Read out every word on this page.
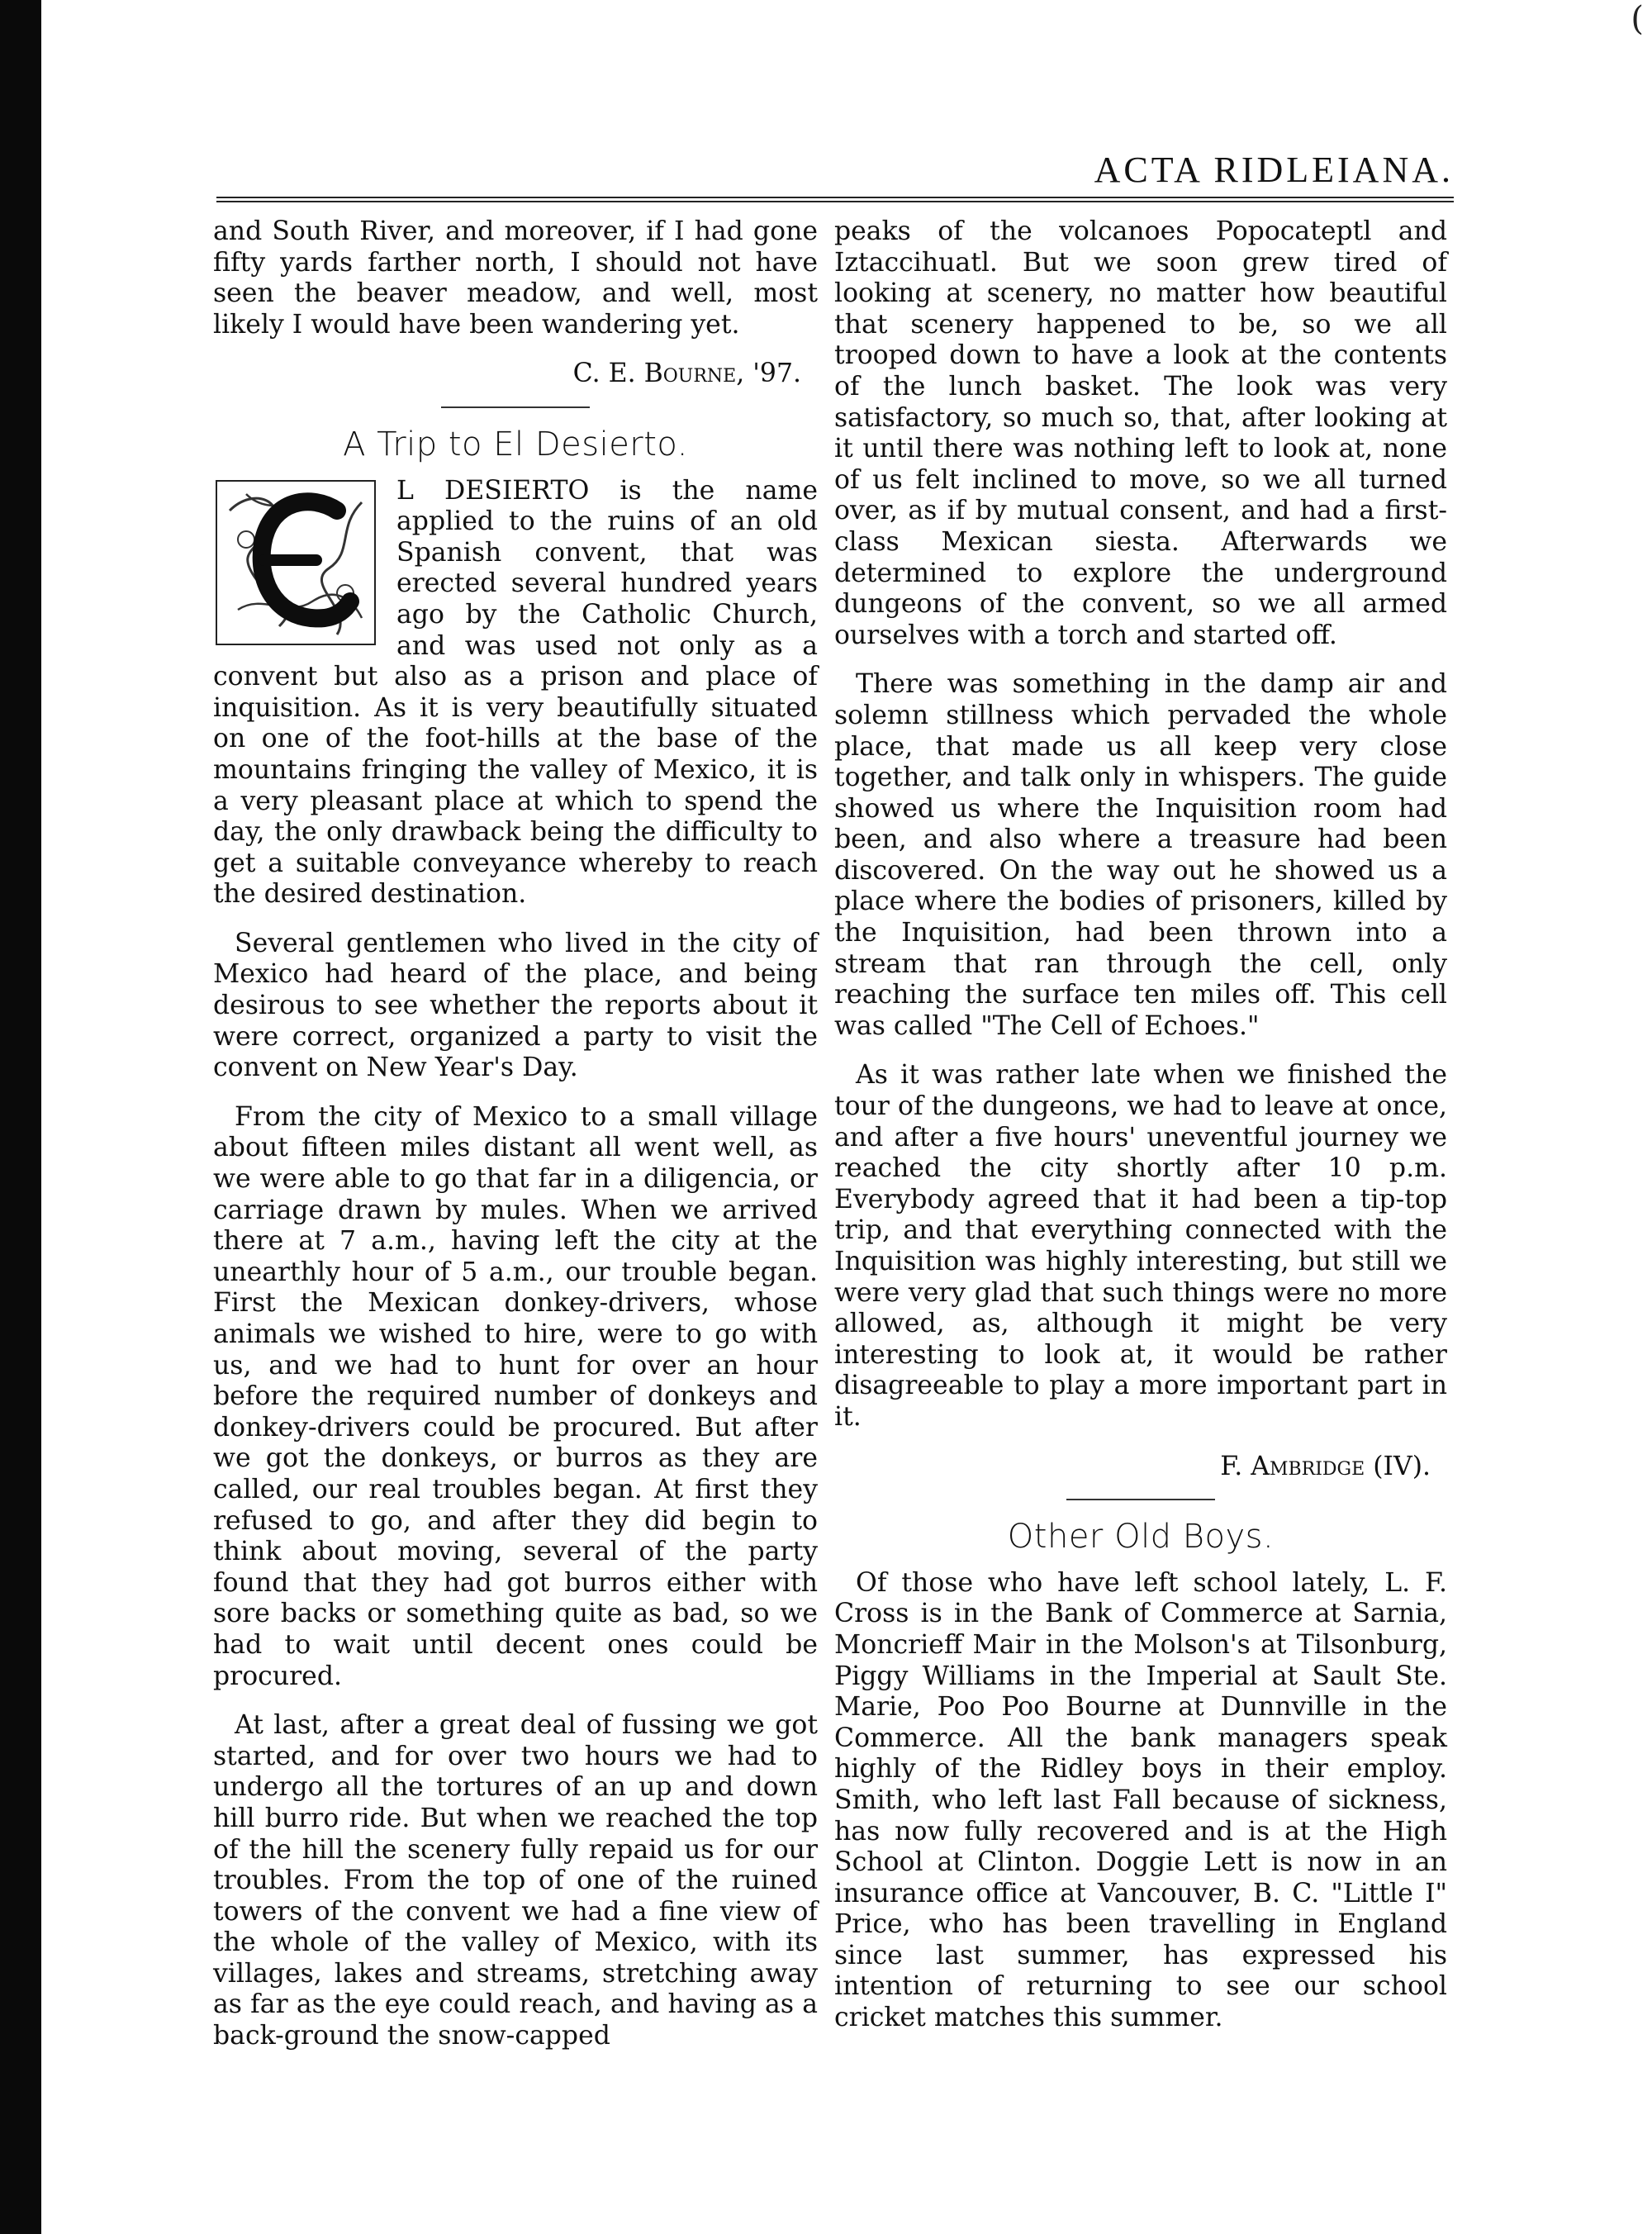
(
ACTA RIDLEIANA.

and South River, and moreover, if I had gone fifty yards farther north, I should not have seen the beaver meadow, and well, most likely I would have been wandering yet.

C. E. Bourne, '97.
A Trip to El Desierto.
E

L DESIERTO is the name applied to the ruins of an old Spanish convent, that was erected several hundred years ago by the Catholic Church, and was used not only as a convent but also as a prison and place of inquisition. As it is very beautifully situated on one of the foot-hills at the base of the mountains fringing the valley of Mexico, it is a very pleasant place at which to spend the day, the only drawback being the difficulty to get a suitable conveyance whereby to reach the desired destination.

Several gentlemen who lived in the city of Mexico had heard of the place, and being desirous to see whether the reports about it were correct, organized a party to visit the convent on New Year's Day.

From the city of Mexico to a small village about fifteen miles distant all went well, as we were able to go that far in a diligencia, or carriage drawn by mules. When we arrived there at 7 a.m., having left the city at the unearthly hour of 5 a.m., our trouble began. First the Mexican donkey-drivers, whose animals we wished to hire, were to go with us, and we had to hunt for over an hour before the required number of donkeys and donkey-drivers could be procured. But after we got the donkeys, or burros as they are called, our real troubles began. At first they refused to go, and after they did begin to think about moving, several of the party found that they had got burros either with sore backs or something quite as bad, so we had to wait until decent ones could be procured.

At last, after a great deal of fussing we got started, and for over two hours we had to undergo all the tortures of an up and down hill burro ride. But when we reached the top of the hill the scenery fully repaid us for our troubles. From the top of one of the ruined towers of the convent we had a fine view of the whole of the valley of Mexico, with its villages, lakes and streams, stretching away as far as the eye could reach, and having as a back-ground the snow-capped

peaks of the volcanoes Popocateptl and Iztaccihuatl. But we soon grew tired of looking at scenery, no matter how beautiful that scenery happened to be, so we all trooped down to have a look at the contents of the lunch basket. The look was very satisfactory, so much so, that, after looking at it until there was nothing left to look at, none of us felt inclined to move, so we all turned over, as if by mutual consent, and had a first-class Mexican siesta. Afterwards we determined to explore the underground dungeons of the convent, so we all armed ourselves with a torch and started off.

There was something in the damp air and solemn stillness which pervaded the whole place, that made us all keep very close together, and talk only in whispers. The guide showed us where the Inquisition room had been, and also where a treasure had been discovered. On the way out he showed us a place where the bodies of prisoners, killed by the Inquisition, had been thrown into a stream that ran through the cell, only reaching the surface ten miles off. This cell was called "The Cell of Echoes."

As it was rather late when we finished the tour of the dungeons, we had to leave at once, and after a five hours' uneventful journey we reached the city shortly after 10 p.m. Everybody agreed that it had been a tip-top trip, and that everything connected with the Inquisition was highly interesting, but still we were very glad that such things were no more allowed, as, although it might be very interesting to look at, it would be rather disagreeable to play a more important part in it.

F. Ambridge (IV).
Other Old Boys.

Of those who have left school lately, L. F. Cross is in the Bank of Commerce at Sarnia, Moncrieff Mair in the Molson's at Tilsonburg, Piggy Williams in the Imperial at Sault Ste. Marie, Poo Poo Bourne at Dunnville in the Commerce. All the bank managers speak highly of the Ridley boys in their employ. Smith, who left last Fall because of sickness, has now fully recovered and is at the High School at Clinton. Doggie Lett is now in an insurance office at Vancouver, B. C. "Little I" Price, who has been travelling in England since last summer, has expressed his intention of returning to see our school cricket matches this summer.
